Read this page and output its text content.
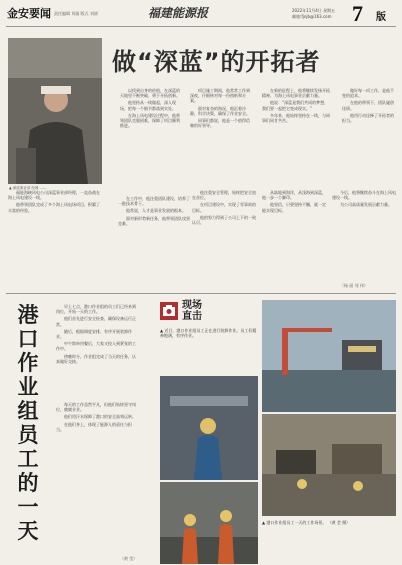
金安要闻 责任编辑 刘瑜 版式 刘倩	福建能源报	2022年11月4日 星期五
邮箱:fjnjb@163.com 7 版
做“深蓝”的开拓者
▲ 深蓝事业部 经理 ……

以找到自身的价值，在深蓝的天地里不断突破，勇于开拓创新。

他坚持从一线做起，深入现场，把每一个细节都落到实处。

在海上风电建设过程中，他带领团队克服困难，保障了项目顺利推进。

项目施工期间，他常常工作到深夜，仔细核对每一份图纸和方案。

面对复杂的海况，他沉着冷静，科学决策，确保了作业安全。

同事们都说，他是一个值得信赖的好领导。

在新的征程上，他将继续发扬开拓精神，为海上风电事业贡献力量。

他说：“深蓝是我们共同的梦想，我们要一起把它变成现实。”

多年来，他始终坚持在一线，与同事们同甘共苦。

做好每一项工作，是他不变的追求。

在他的带领下，团队屡创佳绩。

他用行动诠释了开拓者的担当。

福能海峡风电公司深蓝事业部经理，一直奋战在海上风电建设一线。

他带领团队完成了多个海上风电场项目，积累了丰富的经验。

在工作中，他注重团队建设，培养了一批技术骨干。

他常说，人才是事业发展的根本。

面对新形势新任务，他带领团队攻坚克难。

他注重安全管理，始终把安全放在首位。

在项目建设中，实现了零事故的目标。

他的努力得到了公司上下的一致认可。

从陆地到海洋，从浅海到深蓝，他一步一个脚印。

他坚信，只要坚持不懈，就一定能实现目标。

今后，他将继续奋斗在海上风电建设一线。

为公司高质量发展贡献力量。

（杨 丽 刘 伟）
港口作业组员工的一天

早上七点，港口作业组的员工们已经来到岗位，开始一天的工作。

他们首先进行安全检查，确保设备运行正常。

随后，根据调度安排，有序开展装卸作业。

中午简单用餐后，大家又投入到紧张的工作中。

傍晚时分，作业组完成了当天的任务，认真做好交接。

每天的工作虽然平凡，但他们始终坚守岗位，兢兢业业。

他们用汗水保障了港口的安全高效运转。

在他们身上，体现了能源人的责任与担当。

（黄 莹）
现场
直击
▲ 近日，港口作业组员工正在进行装卸作业。员工们精神饱满，有序作业。
▲ 港口作业组员工一天的工作场景。 （黄 莹 摄）
